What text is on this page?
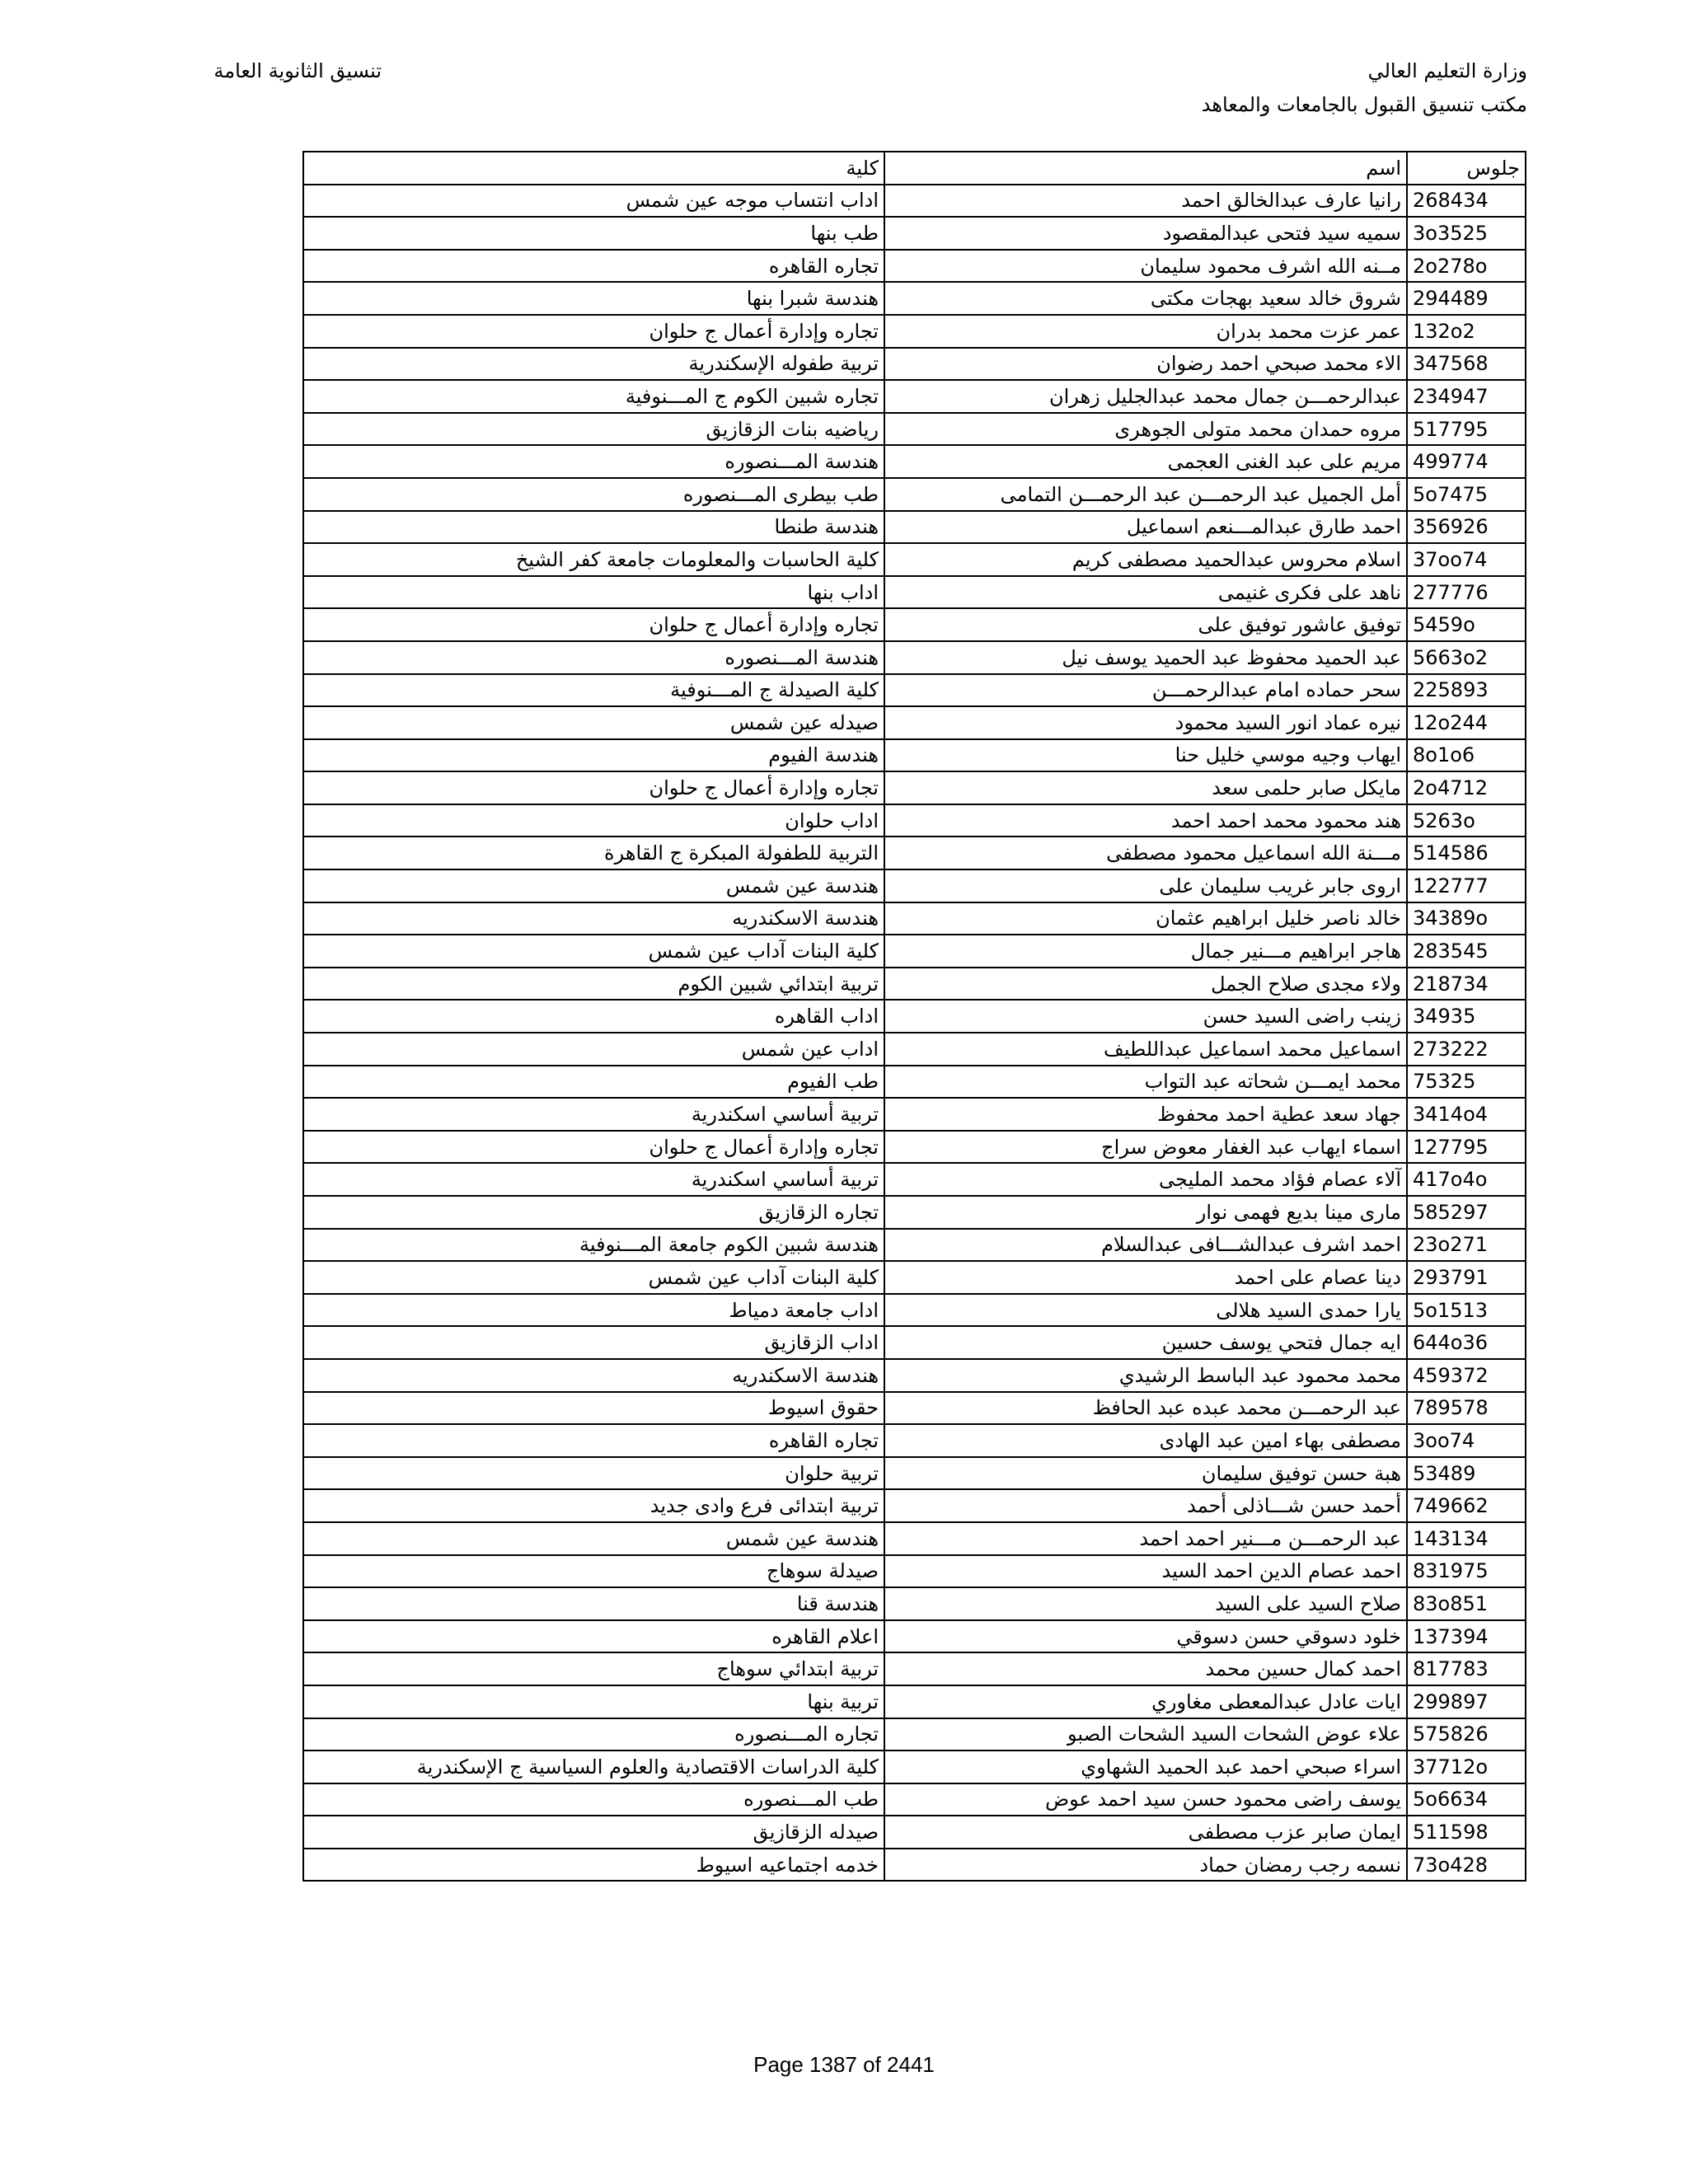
وزارة التعليم العالي
مكتب تنسيق القبول بالجامعات والمعاهد
تنسيق الثانوية العامة
جلوس	اسم	كلية
268434	رانيا عارف عبدالخالق احمد	اداب انتساب موجه عين شمس
3o3525	سميه سيد فتحى عبدالمقصود	طب بنها
2o278o	مــنه الله اشرف محمود سليمان	تجاره القاهره
294489	شروق خالد سعيد بهجات مكتى	هندسة شبرا بنها
132o2	عمر عزت محمد بدران	تجاره وإدارة أعمال ج حلوان
347568	الاء محمد صبحي احمد رضوان	تربية طفوله الإسكندرية
234947	عبدالرحمـــن جمال محمد عبدالجليل زهران	تجاره شبين الكوم ج المـــنوفية
517795	مروه حمدان محمد متولى الجوهرى	رياضيه بنات الزقازيق
499774	مريم على عبد الغنى العجمى	هندسة المـــنصوره
5o7475	أمل الجميل عبد الرحمـــن عبد الرحمـــن التمامى	طب بيطرى المـــنصوره
356926	احمد طارق عبدالمـــنعم اسماعيل	هندسة طنطا
37oo74	اسلام محروس عبدالحميد مصطفى كريم	كلية الحاسبات والمعلومات جامعة كفر الشيخ
277776	ناهد على فكرى غنيمى	اداب بنها
5459o	توفيق عاشور توفيق على	تجاره وإدارة أعمال ج حلوان
5663o2	عبد الحميد محفوظ عبد الحميد يوسف نيل	هندسة المـــنصوره
225893	سحر حماده امام عبدالرحمـــن	كلية الصيدلة ج المـــنوفية
12o244	نيره عماد انور السيد محمود	صيدله عين شمس
8o1o6	ايهاب وجيه موسي خليل حنا	هندسة الفيوم
2o4712	مايكل صابر حلمى سعد	تجاره وإدارة أعمال ج حلوان
5263o	هند محمود محمد احمد احمد	اداب حلوان
514586	مـــنة الله اسماعيل محمود مصطفى	التربية للطفولة المبكرة ج القاهرة
122777	اروى جابر غريب سليمان على	هندسة عين شمس
34389o	خالد ناصر خليل ابراهيم عثمان	هندسة الاسكندريه
283545	هاجر ابراهيم مـــنير جمال	كلية البنات آداب عين شمس
218734	ولاء مجدى صلاح الجمل	تربية ابتدائي شبين الكوم
34935	زينب راضى السيد حسن	اداب القاهره
273222	اسماعيل محمد اسماعيل عبداللطيف	اداب عين شمس
75325	محمد ايمـــن شحاته عبد التواب	طب الفيوم
3414o4	جهاد سعد عطية احمد محفوظ	تربية أساسي اسكندرية
127795	اسماء ايهاب عبد الغفار معوض سراج	تجاره وإدارة أعمال ج حلوان
417o4o	آلاء عصام فؤاد محمد المليجى	تربية أساسي اسكندرية
585297	مارى مينا بديع فهمى نوار	تجاره الزقازيق
23o271	احمد اشرف عبدالشـــافى عبدالسلام	هندسة شبين الكوم جامعة المـــنوفية
293791	دينا عصام على احمد	كلية البنات آداب عين شمس
5o1513	يارا حمدى السيد هلالى	اداب جامعة دمياط
644o36	ايه جمال فتحي يوسف حسين	اداب الزقازيق
459372	محمد محمود عبد الباسط الرشيدي	هندسة الاسكندريه
789578	عبد الرحمـــن محمد عبده عبد الحافظ	حقوق اسيوط
3oo74	مصطفى بهاء امين عبد الهادى	تجاره القاهره
53489	هبة حسن توفيق سليمان	تربية حلوان
749662	أحمد حسن شـــاذلى أحمد	تربية ابتدائى فرع وادى جديد
143134	عبد الرحمـــن مـــنير احمد احمد	هندسة عين شمس
831975	احمد عصام الدين احمد السيد	صيدلة سوهاج
83o851	صلاح السيد على السيد	هندسة قنا
137394	خلود دسوقي حسن دسوقي	اعلام القاهره
817783	احمد كمال حسين محمد	تربية ابتدائي سوهاج
299897	ايات عادل عبدالمعطى مغاوري	تربية بنها
575826	علاء عوض الشحات السيد الشحات الصبو	تجاره المـــنصوره
37712o	اسراء صبحي احمد عبد الحميد الشهاوي	كلية الدراسات الاقتصادية والعلوم السياسية ج الإسكندرية
5o6634	يوسف راضى محمود حسن سيد احمد عوض	طب المـــنصوره
511598	ايمان صابر عزب مصطفى	صيدله الزقازيق
73o428	نسمه رجب رمضان حماد	خدمه اجتماعيه اسيوط
Page 1387 of 2441
